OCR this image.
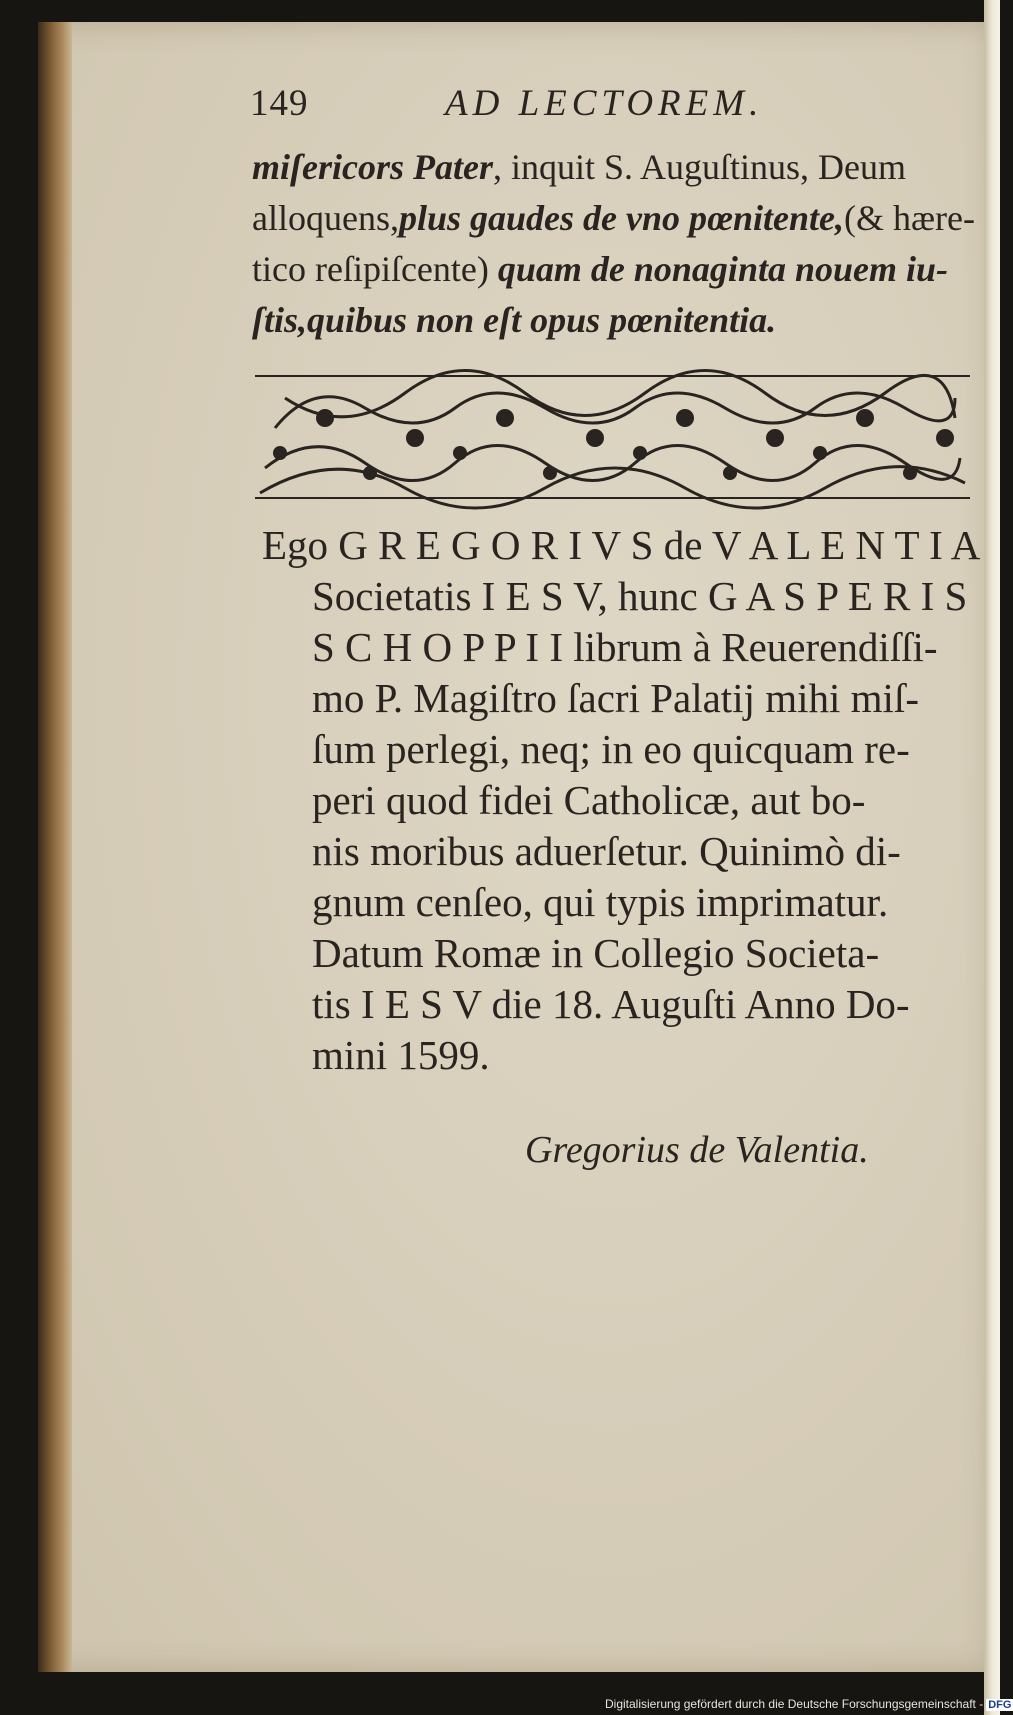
149	AD LECTOREM.
miſericors Pater, inquit S. Auguſtinus, Deum
alloquens,plus gaudes de vno pœnitente,(& hære-
tico reſipiſcente) quam de nonaginta nouem iu-
ſtis,quibus non eſt opus pœnitentia.
Ego G R E G O R I V S de V A L E N T I A
Societatis I E S V, hunc G A S P E R I S
S C H O P P I I librum à Reuerendiſſi-
mo P. Magiſtro ſacri Palatij mihi miſ-
ſum perlegi, neq; in eo quicquam re-
peri quod fidei Catholicæ, aut bo-
nis moribus aduerſetur. Quinimò di-
gnum cenſeo, qui typis imprimatur.
Datum Romæ in Collegio Societa-
tis I E S V die 18. Auguſti Anno Do-
mini 1599.
Gregorius de Valentia.
Digitalisierung gefördert durch die Deutsche Forschungsgemeinschaft - DFG
